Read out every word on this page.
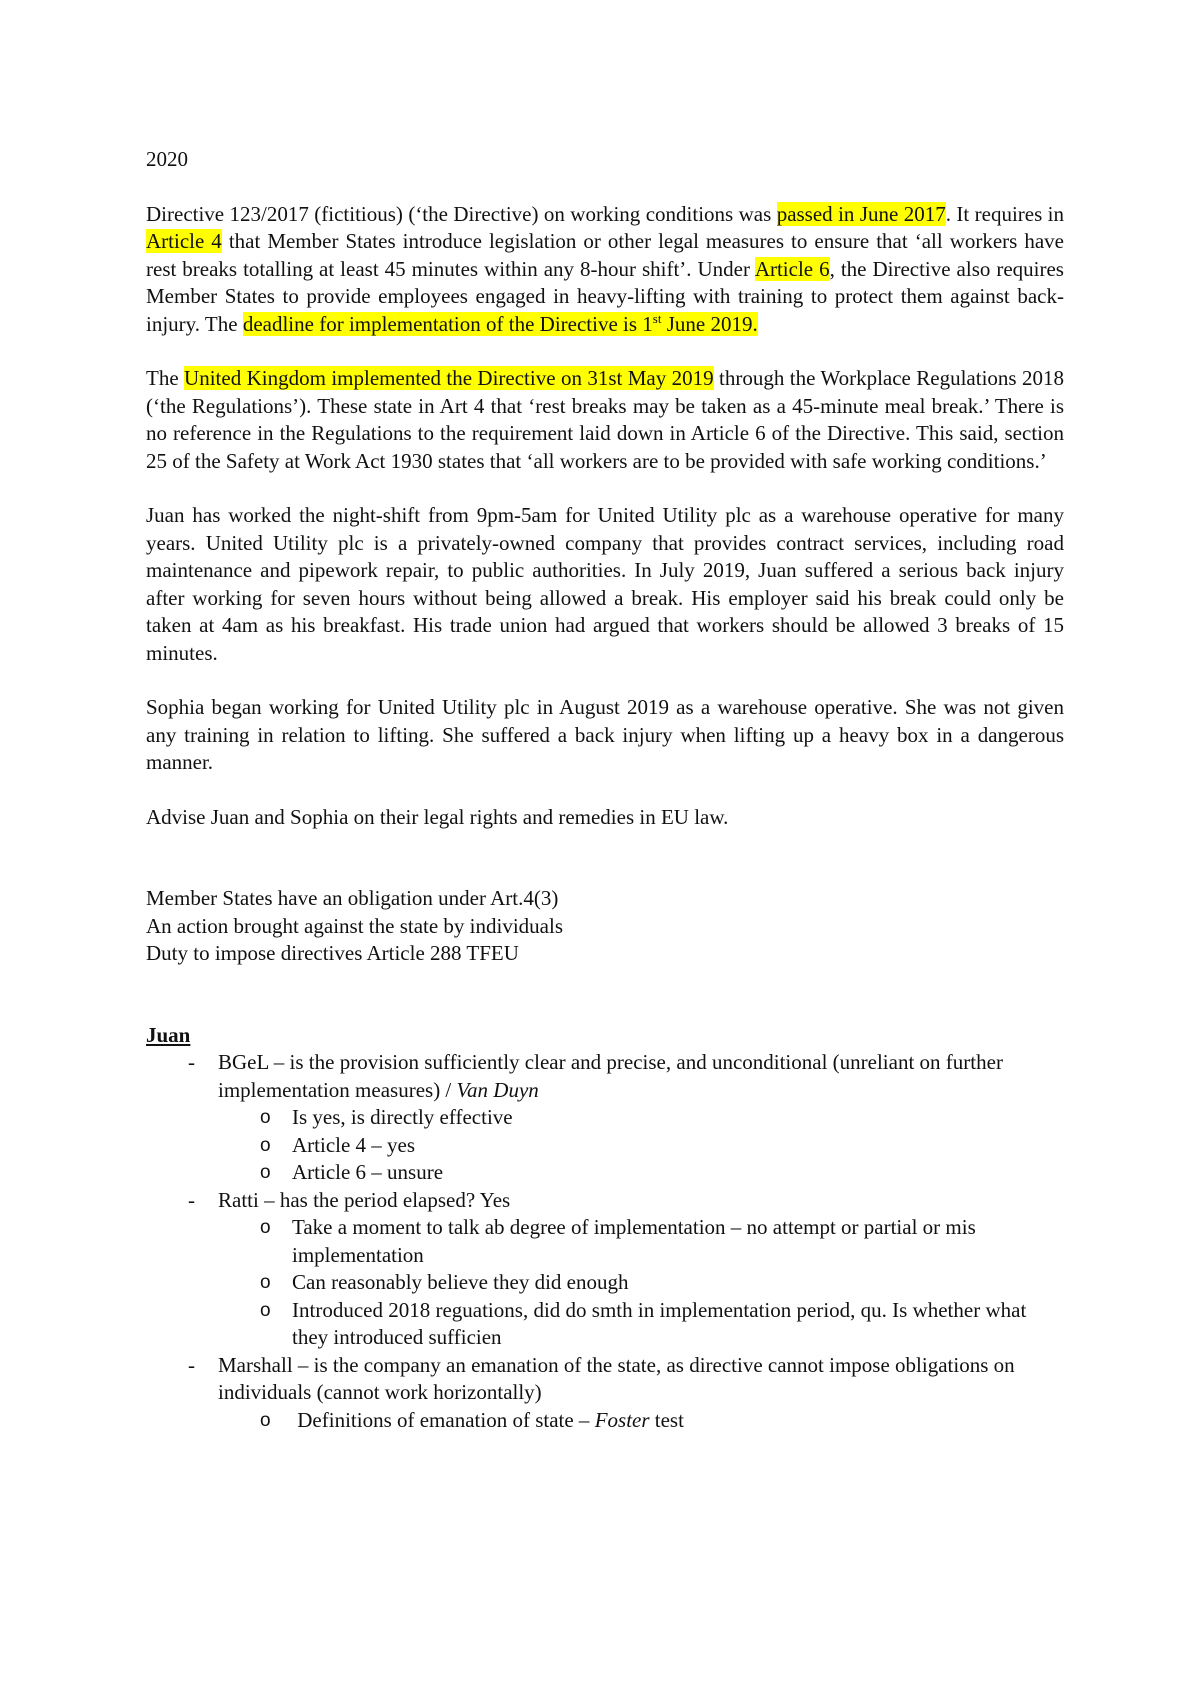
2020

Directive 123/2017 (fictitious) (‘the Directive) on working conditions was passed in June 2017. It requires in Article 4 that Member States introduce legislation or other legal measures to ensure that ‘all workers have rest breaks totalling at least 45 minutes within any 8-hour shift’. Under Article 6, the Directive also requires Member States to provide employees engaged in heavy-lifting with training to protect them against back-injury. The deadline for implementation of the Directive is 1st June 2019.

The United Kingdom implemented the Directive on 31st May 2019 through the Workplace Regulations 2018 (‘the Regulations’). These state in Art 4 that ‘rest breaks may be taken as a 45-minute meal break.’ There is no reference in the Regulations to the requirement laid down in Article 6 of the Directive. This said, section 25 of the Safety at Work Act 1930 states that ‘all workers are to be provided with safe working conditions.’

Juan has worked the night-shift from 9pm-5am for United Utility plc as a warehouse operative for many years. United Utility plc is a privately-owned company that provides contract services, including road maintenance and pipework repair, to public authorities. In July 2019, Juan suffered a serious back injury after working for seven hours without being allowed a break. His employer said his break could only be taken at 4am as his breakfast. His trade union had argued that workers should be allowed 3 breaks of 15 minutes.

Sophia began working for United Utility plc in August 2019 as a warehouse operative. She was not given any training in relation to lifting. She suffered a back injury when lifting up a heavy box in a dangerous manner.

Advise Juan and Sophia on their legal rights and remedies in EU law.

Member States have an obligation under Art.4(3)

An action brought against the state by individuals

Duty to impose directives Article 288 TFEU

Juan

- BGeL – is the provision sufficiently clear and precise, and unconditional (unreliant on further implementation measures) / Van Duyn
o Is yes, is directly effective
o Article 4 – yes
o Article 6 – unsure
- Ratti – has the period elapsed? Yes
o Take a moment to talk ab degree of implementation – no attempt or partial or mis implementation
o Can reasonably believe they did enough
o Introduced 2018 reguations, did do smth in implementation period, qu. Is whether what they introduced sufficien
- Marshall – is the company an emanation of the state, as directive cannot impose obligations on individuals (cannot work horizontally)
o Definitions of emanation of state – Foster test
